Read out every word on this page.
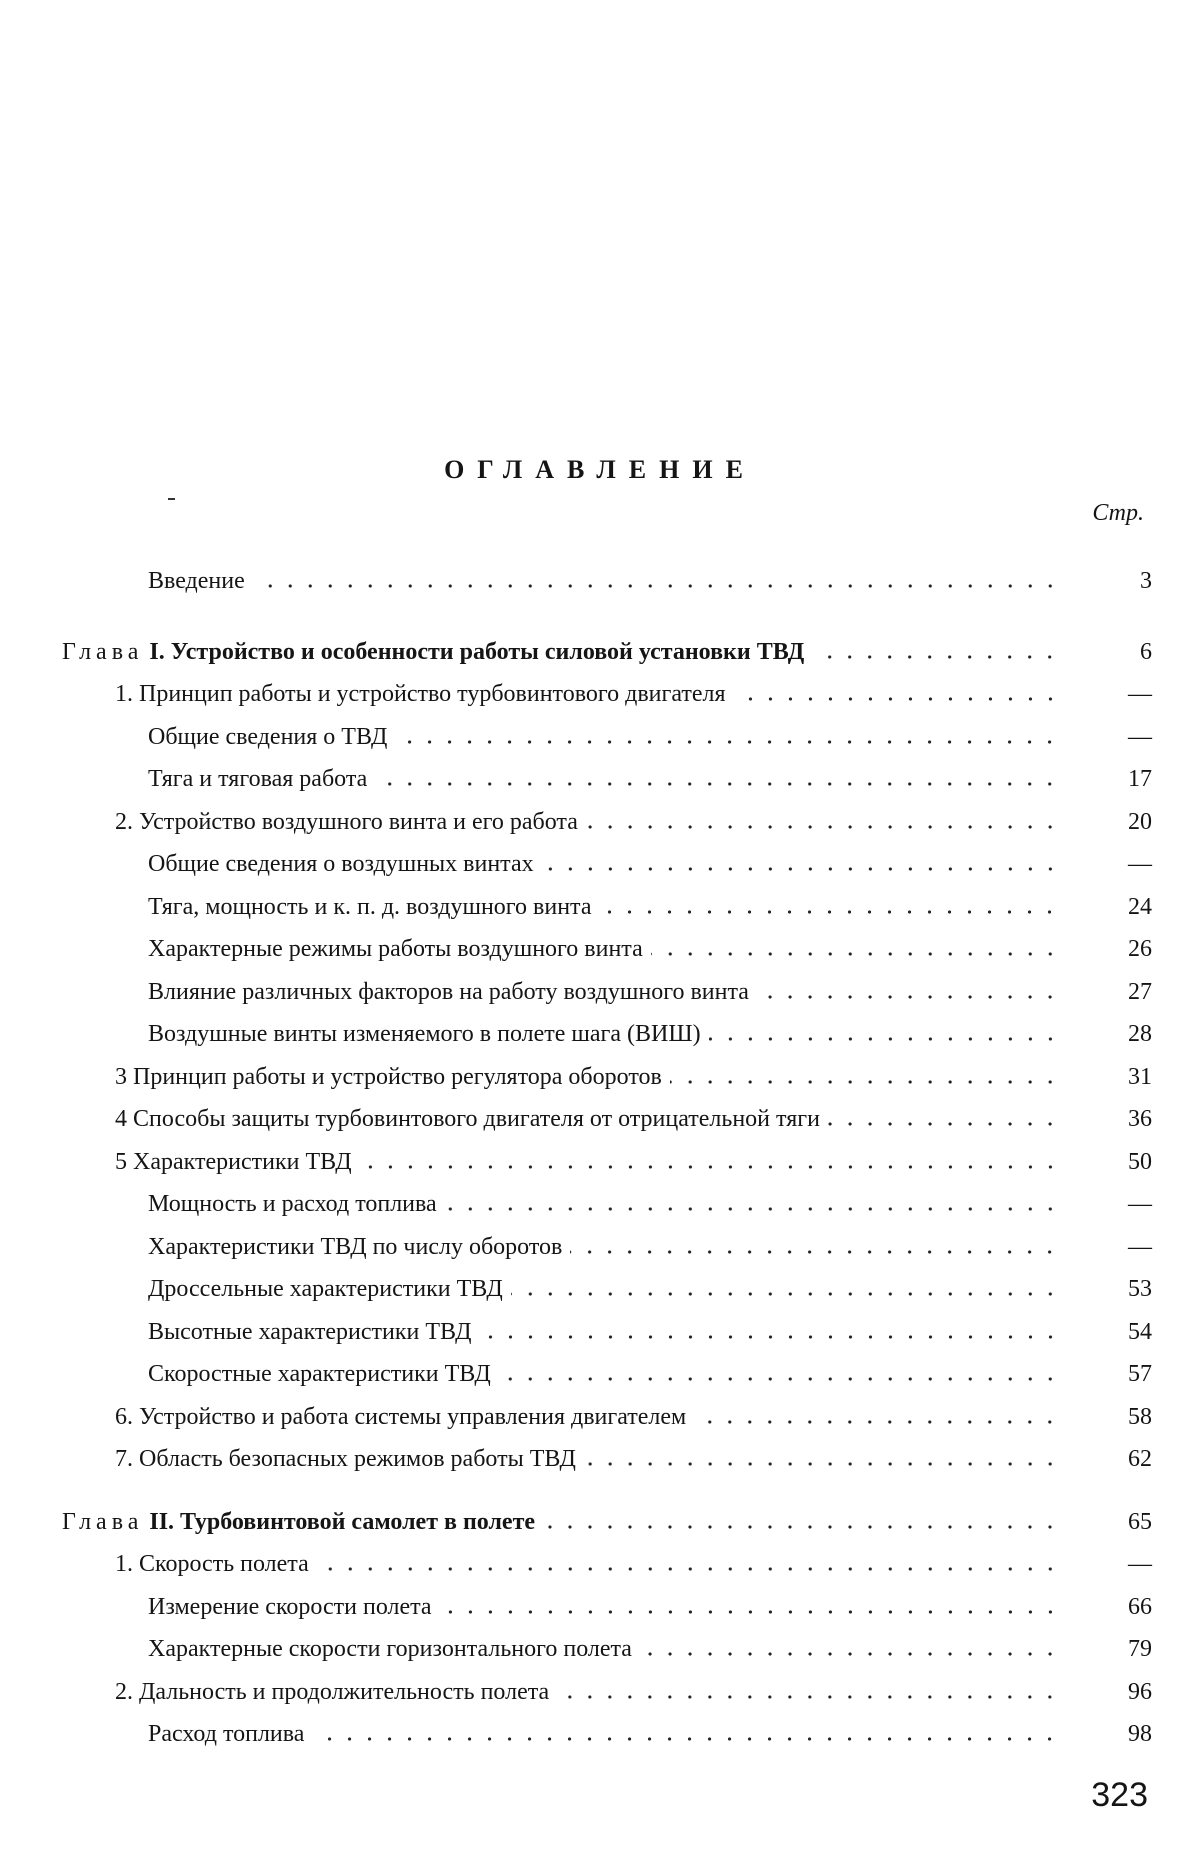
ОГЛАВЛЕНИЕ
Стр.
Введение	3
Глава I. Устройство и особенности работы силовой установки ТВД	6
1. Принцип работы и устройство турбовинтового двигателя	—
Общие сведения о ТВД	—
Тяга и тяговая работа	17
2. Устройство воздушного винта и его работа	20
Общие сведения о воздушных винтах	—
Тяга, мощность и к. п. д. воздушного винта	24
Характерные режимы работы воздушного винта	26
Влияние различных факторов на работу воздушного винта	27
Воздушные винты изменяемого в полете шага (ВИШ)	28
3 Принцип работы и устройство регулятора оборотов	31
4 Способы защиты турбовинтового двигателя от отрицательной тяги	36
5 Характеристики ТВД	50
Мощность и расход топлива	—
Характеристики ТВД по числу оборотов	—
Дроссельные характеристики ТВД	53
Высотные характеристики ТВД	54
Скоростные характеристики ТВД	57
6. Устройство и работа системы управления двигателем	58
7. Область безопасных режимов работы ТВД	62
Глава II. Турбовинтовой самолет в полете	65
1. Скорость полета	—
Измерение скорости полета	66
Характерные скорости горизонтального полета	79
2. Дальность и продолжительность полета	96
Расход топлива	98
323
